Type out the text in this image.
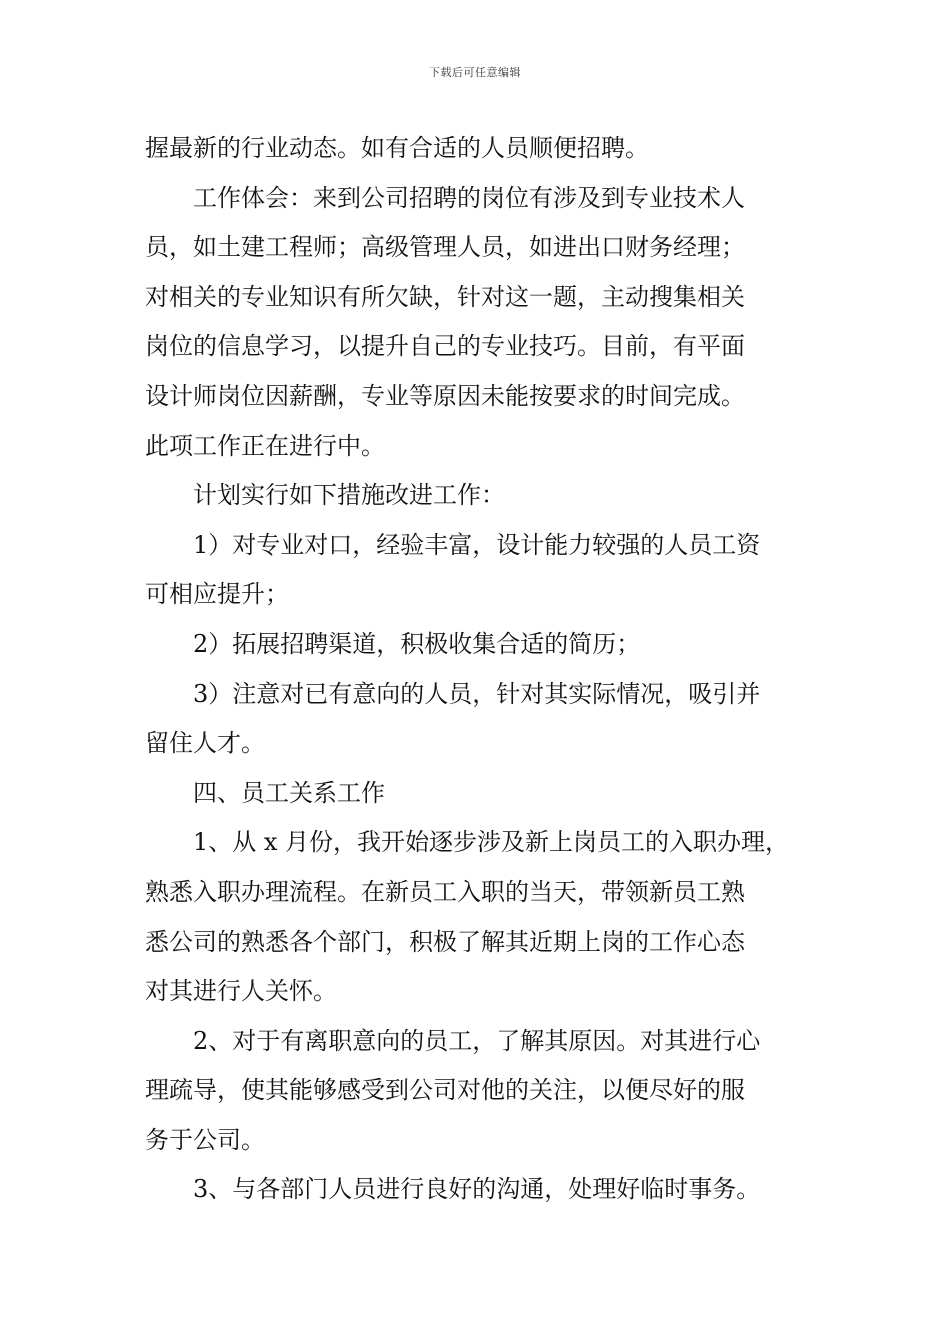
下载后可任意编辑

握最新的行业动态。如有合适的人员顺便招聘。

工作体会：来到公司招聘的岗位有涉及到专业技术人

员，如土建工程师；高级管理人员，如进出口财务经理；

对相关的专业知识有所欠缺，针对这一题，主动搜集相关

岗位的信息学习，以提升自己的专业技巧。目前，有平面

设计师岗位因薪酬，专业等原因未能按要求的时间完成。

此项工作正在进行中。

计划实行如下措施改进工作：

1）对专业对口，经验丰富，设计能力较强的人员工资

可相应提升；

2）拓展招聘渠道，积极收集合适的简历；

3）注意对已有意向的人员，针对其实际情况，吸引并

留住人才。

四、员工关系工作

1、从 x 月份，我开始逐步涉及新上岗员工的入职办理，

熟悉入职办理流程。在新员工入职的当天，带领新员工熟

悉公司的熟悉各个部门，积极了解其近期上岗的工作心态

对其进行人关怀。

2、对于有离职意向的员工，了解其原因。对其进行心

理疏导，使其能够感受到公司对他的关注，以便尽好的服

务于公司。

3、与各部门人员进行良好的沟通，处理好临时事务。
